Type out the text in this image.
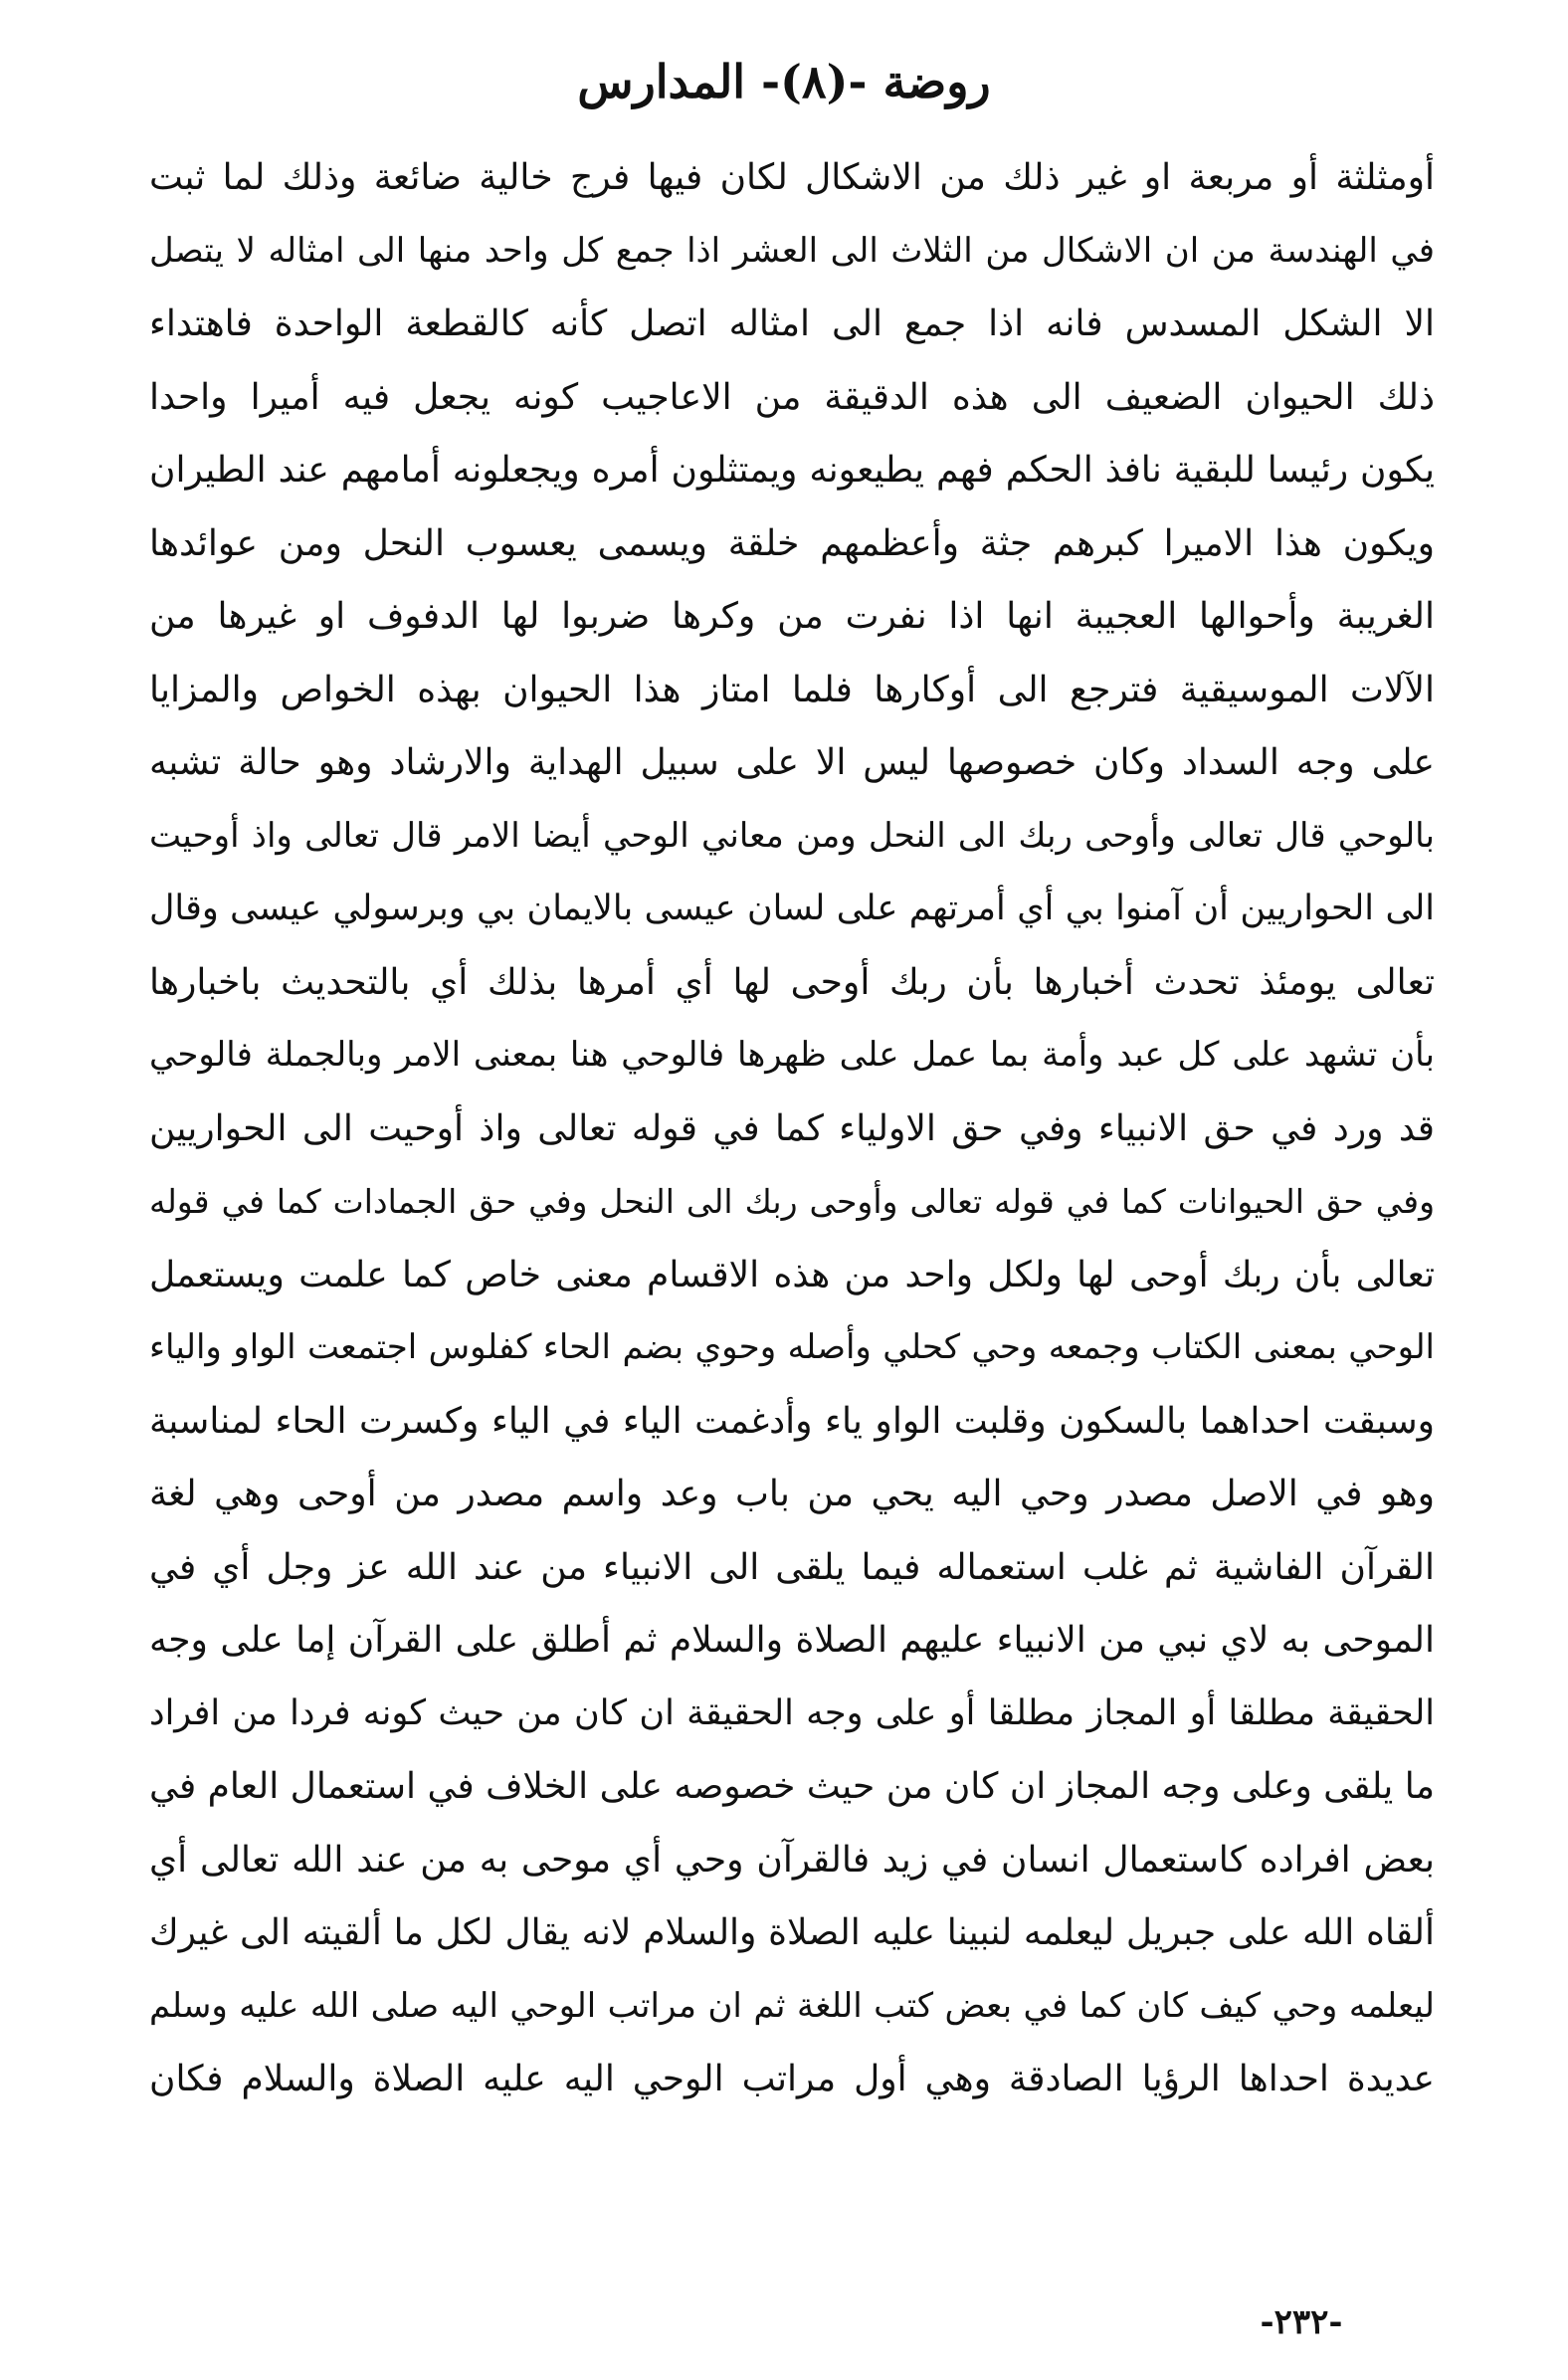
روضة -(٨)- المدارس
أومثلثة أو مربعة او غير ذلك من الاشكال لكان فيها فرج خالية ضائعة وذلك لما ثبت
في الهندسة من ان الاشكال من الثلاث الى العشر اذا جمع كل واحد منها الى امثاله لا يتصل
الا الشكل المسدس فانه اذا جمع الى امثاله اتصل كأنه كالقطعة الواحدة فاهتداء
ذلك الحيوان الضعيف الى هذه الدقيقة من الاعاجيب كونه يجعل فيه أميرا واحدا
يكون رئيسا للبقية نافذ الحكم فهم يطيعونه ويمتثلون أمره ويجعلونه أمامهم عند الطيران
ويكون هذا الاميرا كبرهم جثة وأعظمهم خلقة ويسمى يعسوب النحل ومن عوائدها
الغريبة وأحوالها العجيبة انها اذا نفرت من وكرها ضربوا لها الدفوف او غيرها من
الآلات الموسيقية فترجع الى أوكارها فلما امتاز هذا الحيوان بهذه الخواص والمزايا
على وجه السداد وكان خصوصها ليس الا على سبيل الهداية والارشاد وهو حالة تشبه
بالوحي قال تعالى وأوحى ربك الى النحل ومن معاني الوحي أيضا الامر قال تعالى واذ أوحيت
الى الحواريين أن آمنوا بي أي أمرتهم على لسان عيسى بالايمان بي وبرسولي عيسى وقال
تعالى يومئذ تحدث أخبارها بأن ربك أوحى لها أي أمرها بذلك أي بالتحديث باخبارها
بأن تشهد على كل عبد وأمة بما عمل على ظهرها فالوحي هنا بمعنى الامر وبالجملة فالوحي
قد ورد في حق الانبياء وفي حق الاولياء كما في قوله تعالى واذ أوحيت الى الحواريين
وفي حق الحيوانات كما في قوله تعالى وأوحى ربك الى النحل وفي حق الجمادات كما في قوله
تعالى بأن ربك أوحى لها ولكل واحد من هذه الاقسام معنى خاص كما علمت ويستعمل
الوحي بمعنى الكتاب وجمعه وحي كحلي وأصله وحوي بضم الحاء كفلوس اجتمعت الواو والياء
وسبقت احداهما بالسكون وقلبت الواو ياء وأدغمت الياء في الياء وكسرت الحاء لمناسبة
وهو في الاصل مصدر وحي اليه يحي من باب وعد واسم مصدر من أوحى وهي لغة
القرآن الفاشية ثم غلب استعماله فيما يلقى الى الانبياء من عند الله عز وجل أي في
الموحى به لاي نبي من الانبياء عليهم الصلاة والسلام ثم أطلق على القرآن إما على وجه
الحقيقة مطلقا أو المجاز مطلقا أو على وجه الحقيقة ان كان من حيث كونه فردا من افراد
ما يلقى وعلى وجه المجاز ان كان من حيث خصوصه على الخلاف في استعمال العام في
بعض افراده كاستعمال انسان في زيد فالقرآن وحي أي موحى به من عند الله تعالى أي
ألقاه الله على جبريل ليعلمه لنبينا عليه الصلاة والسلام لانه يقال لكل ما ألقيته الى غيرك
ليعلمه وحي كيف كان كما في بعض كتب اللغة ثم ان مراتب الوحي اليه صلى الله عليه وسلم
عديدة احداها الرؤيا الصادقة وهي أول مراتب الوحي اليه عليه الصلاة والسلام فكان
-٢٣٢-
